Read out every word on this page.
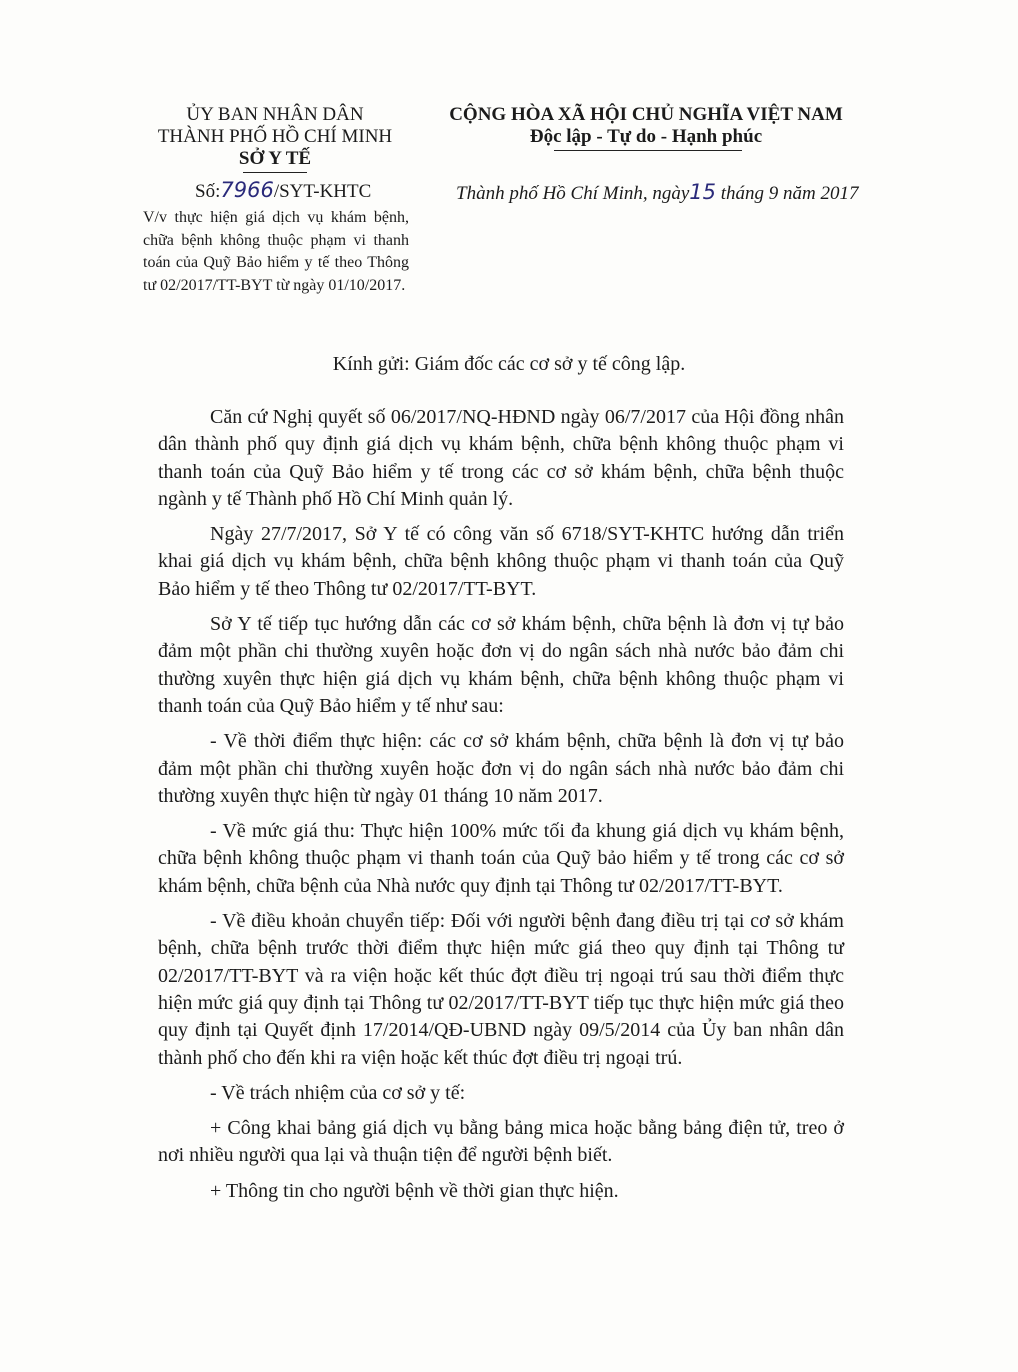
ỦY BAN NHÂN DÂN
THÀNH PHỐ HỒ CHÍ MINH
SỞ Y TẾ
CỘNG HÒA XÃ HỘI CHỦ NGHĨA VIỆT NAM
Độc lập - Tự do - Hạnh phúc
Số:7966/SYT-KHTC	Thành phố Hồ Chí Minh, ngày15 tháng 9 năm 2017
V/v thực hiện giá dịch vụ khám bệnh, chữa bệnh không thuộc phạm vi thanh toán của Quỹ Bảo hiểm y tế theo Thông tư 02/2017/TT-BYT từ ngày 01/10/2017.
Kính gửi: Giám đốc các cơ sở y tế công lập.

Căn cứ Nghị quyết số 06/2017/NQ-HĐND ngày 06/7/2017 của Hội đồng nhân dân thành phố quy định giá dịch vụ khám bệnh, chữa bệnh không thuộc phạm vi thanh toán của Quỹ Bảo hiểm y tế trong các cơ sở khám bệnh, chữa bệnh thuộc ngành y tế Thành phố Hồ Chí Minh quản lý.

Ngày 27/7/2017, Sở Y tế có công văn số 6718/SYT-KHTC hướng dẫn triển khai giá dịch vụ khám bệnh, chữa bệnh không thuộc phạm vi thanh toán của Quỹ Bảo hiểm y tế theo Thông tư 02/2017/TT-BYT.

Sở Y tế tiếp tục hướng dẫn các cơ sở khám bệnh, chữa bệnh là đơn vị tự bảo đảm một phần chi thường xuyên hoặc đơn vị do ngân sách nhà nước bảo đảm chi thường xuyên thực hiện giá dịch vụ khám bệnh, chữa bệnh không thuộc phạm vi thanh toán của Quỹ Bảo hiểm y tế như sau:

- Về thời điểm thực hiện: các cơ sở khám bệnh, chữa bệnh là đơn vị tự bảo đảm một phần chi thường xuyên hoặc đơn vị do ngân sách nhà nước bảo đảm chi thường xuyên thực hiện từ ngày 01 tháng 10 năm 2017.

- Về mức giá thu: Thực hiện 100% mức tối đa khung giá dịch vụ khám bệnh, chữa bệnh không thuộc phạm vi thanh toán của Quỹ bảo hiểm y tế trong các cơ sở khám bệnh, chữa bệnh của Nhà nước quy định tại Thông tư 02/2017/TT-BYT.

- Về điều khoản chuyển tiếp: Đối với người bệnh đang điều trị tại cơ sở khám bệnh, chữa bệnh trước thời điểm thực hiện mức giá theo quy định tại Thông tư 02/2017/TT-BYT và ra viện hoặc kết thúc đợt điều trị ngoại trú sau thời điểm thực hiện mức giá quy định tại Thông tư 02/2017/TT-BYT tiếp tục thực hiện mức giá theo quy định tại Quyết định 17/2014/QĐ-UBND ngày 09/5/2014 của Ủy ban nhân dân thành phố cho đến khi ra viện hoặc kết thúc đợt điều trị ngoại trú.

- Về trách nhiệm của cơ sở y tế:

+ Công khai bảng giá dịch vụ bằng bảng mica hoặc bằng bảng điện tử, treo ở nơi nhiều người qua lại và thuận tiện để người bệnh biết.

+ Thông tin cho người bệnh về thời gian thực hiện.
